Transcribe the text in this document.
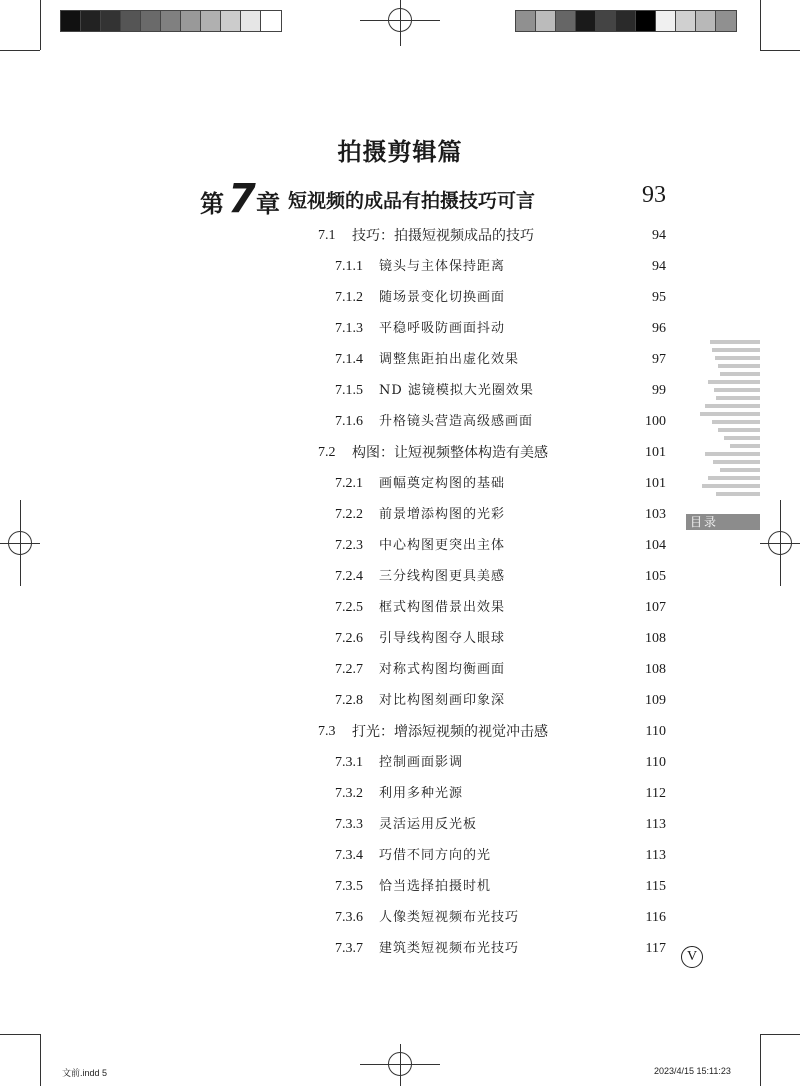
拍摄剪辑篇
第 7 章 短视频的成品有拍摄技巧可言	93
7.1 技巧：拍摄短视频成品的技巧	94
7.1.1 镜头与主体保持距离	94
7.1.2 随场景变化切换画面	95
7.1.3 平稳呼吸防画面抖动	96
7.1.4 调整焦距拍出虚化效果	97
7.1.5 ND 滤镜模拟大光圈效果	99
7.1.6 升格镜头营造高级感画面	100
7.2 构图：让短视频整体构造有美感	101
7.2.1 画幅奠定构图的基础	101
7.2.2 前景增添构图的光彩	103
7.2.3 中心构图更突出主体	104
7.2.4 三分线构图更具美感	105
7.2.5 框式构图借景出效果	107
7.2.6 引导线构图夺人眼球	108
7.2.7 对称式构图均衡画面	108
7.2.8 对比构图刻画印象深	109
7.3 打光：增添短视频的视觉冲击感	110
7.3.1 控制画面影调	110
7.3.2 利用多种光源	112
7.3.3 灵活运用反光板	113
7.3.4 巧借不同方向的光	113
7.3.5 恰当选择拍摄时机	115
7.3.6 人像类短视频布光技巧	116
7.3.7 建筑类短视频布光技巧	117
目录
V
文前.indd 5	2023/4/15 15:11:23
